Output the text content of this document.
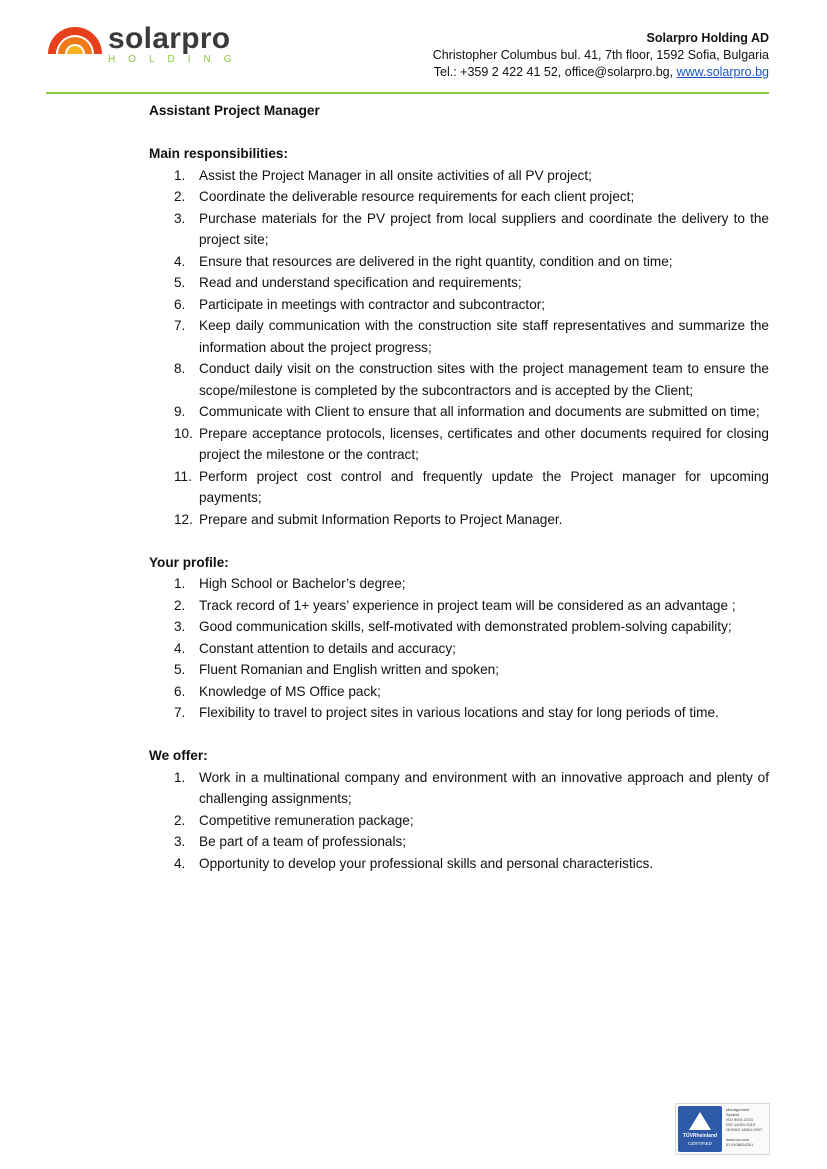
solarpro
HOLDING
Solarpro Holding AD
Christopher Columbus bul. 41, 7th floor, 1592 Sofia, Bulgaria
Tel.: +359 2 422 41 52, office@solarpro.bg, www.solarpro.bg
Assistant Project Manager
Main responsibilities:
1.	Assist the Project Manager in all onsite activities of all PV project;
2.	Coordinate the deliverable resource requirements for each client project;
3.	Purchase materials for the PV project from local suppliers and coordinate the delivery to the project site;
4.	Ensure that resources are delivered in the right quantity, condition and on time;
5.	Read and understand specification and requirements;
6.	Participate in meetings with contractor and subcontractor;
7.	Keep daily communication with the construction site staff representatives and summarize the information about the project progress;
8.	Conduct daily visit on the construction sites with the project management team to ensure the scope/milestone is completed by the subcontractors and is accepted by the Client;
9.	Communicate with Client to ensure that all information and documents are submitted on time;
10. Prepare acceptance protocols, licenses, certificates and other documents required for closing project the milestone or the contract;
11. Perform project cost control and frequently update the Project manager for upcoming payments;
12. Prepare and submit Information Reports to Project Manager.
Your profile:
1.	High School or Bachelor’s degree;
2.	Track record of 1+ years’ experience in project team will be considered as an advantage ;
3.	Good communication skills, self-motivated with demonstrated problem-solving capability;
4.	Constant attention to details and accuracy;
5.	Fluent Romanian and English written and spoken;
6.	Knowledge of MS Office pack;
7.	Flexibility to travel to project sites in various locations and stay for long periods of time.
We offer:
1.	Work in a multinational company and environment with an innovative approach and plenty of challenging assignments;
2.	Competitive remuneration package;
3.	Be part of a team of professionals;
4.	Opportunity to develop your professional skills and personal characteristics.
TÜVRheinland
CERTIFIED
Management
System
ISO 9001:2015
ISO 14001:2015
OHSAS 18001:2007

www.tuv.com
ID 9108634301
